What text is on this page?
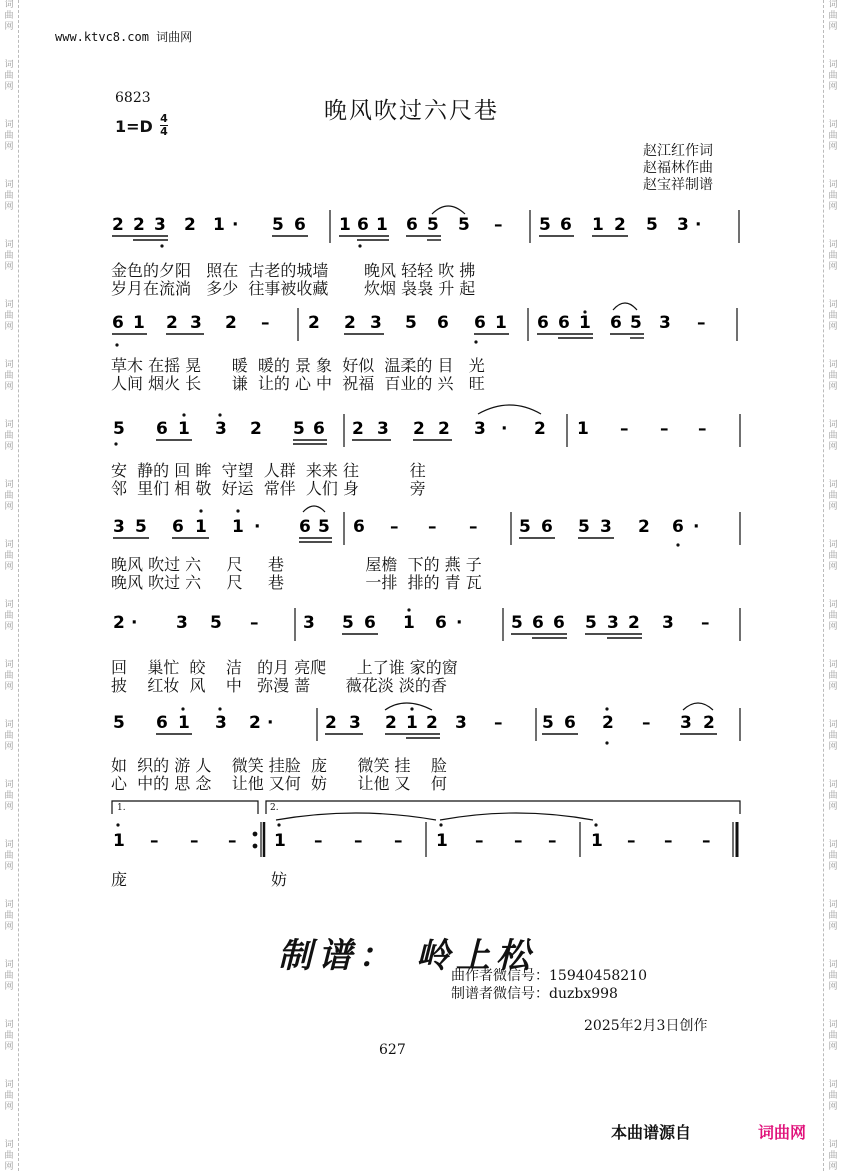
词
曲
网
词
曲
网
词
曲
网
词
曲
网
词
曲
网
词
曲
网
词
曲
网
词
曲
网
词
曲
网
词
曲
网
词
曲
网
词
曲
网
词
曲
网
词
曲
网
词
曲
网
词
曲
网
词
曲
网
词
曲
网
词
曲
网
词
曲
网
词
曲
网
词
曲
网
词
曲
网
词
曲
网
词
曲
网
词
曲
网
词
曲
网
词
曲
网
词
曲
网
词
曲
网
词
曲
网
词
曲
网
词
曲
网
词
曲
网
词
曲
网
词
曲
网
词
曲
网
词
曲
网
词
曲
网
词
曲
网
www.ktvc8.com 词曲网
6823	晚风吹过六尺巷
1=D 4
4
赵江红作词
赵福林作曲
赵宝祥制谱
2 2 3 2 1 · 5 6 1 6 1 6 5 5 – 5 6 1 2 5 3 ·
6 1 2 3 2 – 2 2 3 5 6 6 1 6 6 1 6 5 3 –
5 6 1 3 2 5 6 2 3 2 2 3 · 2 1 – – –
3 5 6 1 1 · 6 5 6 – – – 5 6 5 3 2 6 ·
2 · 3 5 –	3 5 6 1 6 ·	5 6 6 5 3 2 3 –
5 6 1 3 2 ·	2 3 2 1 2 3 – 5 6 2 – 3 2
1 – – – 1 – – – 1 – – – 1 – – –
1.	2.
金色的夕阳   照在  古老的城墙       晚风 轻轻 吹 拂
岁月在流淌   多少  往事被收藏       炊烟 袅袅 升 起
草木 在摇 晃      暖  暖的 景 象  好似  温柔的 目   光
人间 烟火 长      谦  让的 心 中  祝福  百业的 兴   旺
安  静的 回 眸  守望  人群  来来 往          往
邻  里们 相 敬  好运  常伴  人们 身          旁
晚风 吹过 六     尺     巷                屋檐  下的 燕 子
晚风 吹过 六     尺     巷                一排  排的 青 瓦
回    巢忙  皎    洁   的月 亮爬      上了谁 家的窗
披    红妆  风    中   弥漫 蔷       薇花淡 淡的香
如  织的 游 人    微笑 挂脸  庞      微笑 挂    脸
心  中的 思 念    让他 又何  妨      让他 又    何
庞	妨
制谱： 岭上松
曲作者微信号：15940458210
制谱者微信号：duzbx998
2025年2月3日创作
627
本曲谱源自	词曲网
